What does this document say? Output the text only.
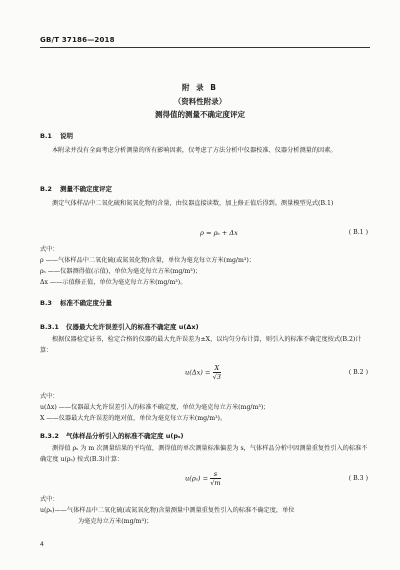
GB/T 37186—2018
附 录 B
（资料性附录）
测得值的测量不确定度评定
B.1 说明
本附录并没有全面考虑分析测量的所有影响因素，仅考虑了方法分析中仪器校准、仪器分析测量的因素。
B.2 测量不确定度评定
测定气体样品中二氧化硫和氮氧化物的含量，由仪器直接读数，加上修正值后得到。测量模型见式(B.1)
ρ = ρₛ + Δx	( B.1 )
式中：
ρ ——气体样品中二氧化硫(或氮氧化物)含量，单位为毫克每立方米(mg/m³)；
ρₛ ——仪器测得值(示值)，单位为毫克每立方米(mg/m³)；
Δx ——示值修正值，单位为毫克每立方米(mg/m³)。
B.3 标准不确定度分量
B.3.1 仪器最大允许误差引入的标准不确定度 u(Δx)
根据仪器检定证书，检定合格的仪器的最大允许误差为±X，以均匀分布计算，则引入的标准不确定度按式(B.2)计算：
$u(\Delta x) = \frac{X}{√3}$	( B.2 )
式中：
u(Δx) ——仪器最大允许误差引入的标准不确定度，单位为毫克每立方米(mg/m³)；
X ——仪器最大允许误差的绝对值，单位为毫克每立方米(mg/m³)。
B.3.2 气体样品分析引入的标准不确定度 u(pₛ)
测得值 ρₛ 为 m 次测量结果的平均值，测得值的单次测量标准偏差为 s，气体样品分析中因测量重复性引入的标准不确定度 u(ρₛ) 按式(B.3)计算：
$u(\rho_s) = \frac{s}{√m}$	( B.3 )
式中：
u(ρₛ)——气体样品中二氧化硫(或氮氧化物)含量测量中测量重复性引入的标准不确定度，单位
为毫克每立方米(mg/m³)；
4
